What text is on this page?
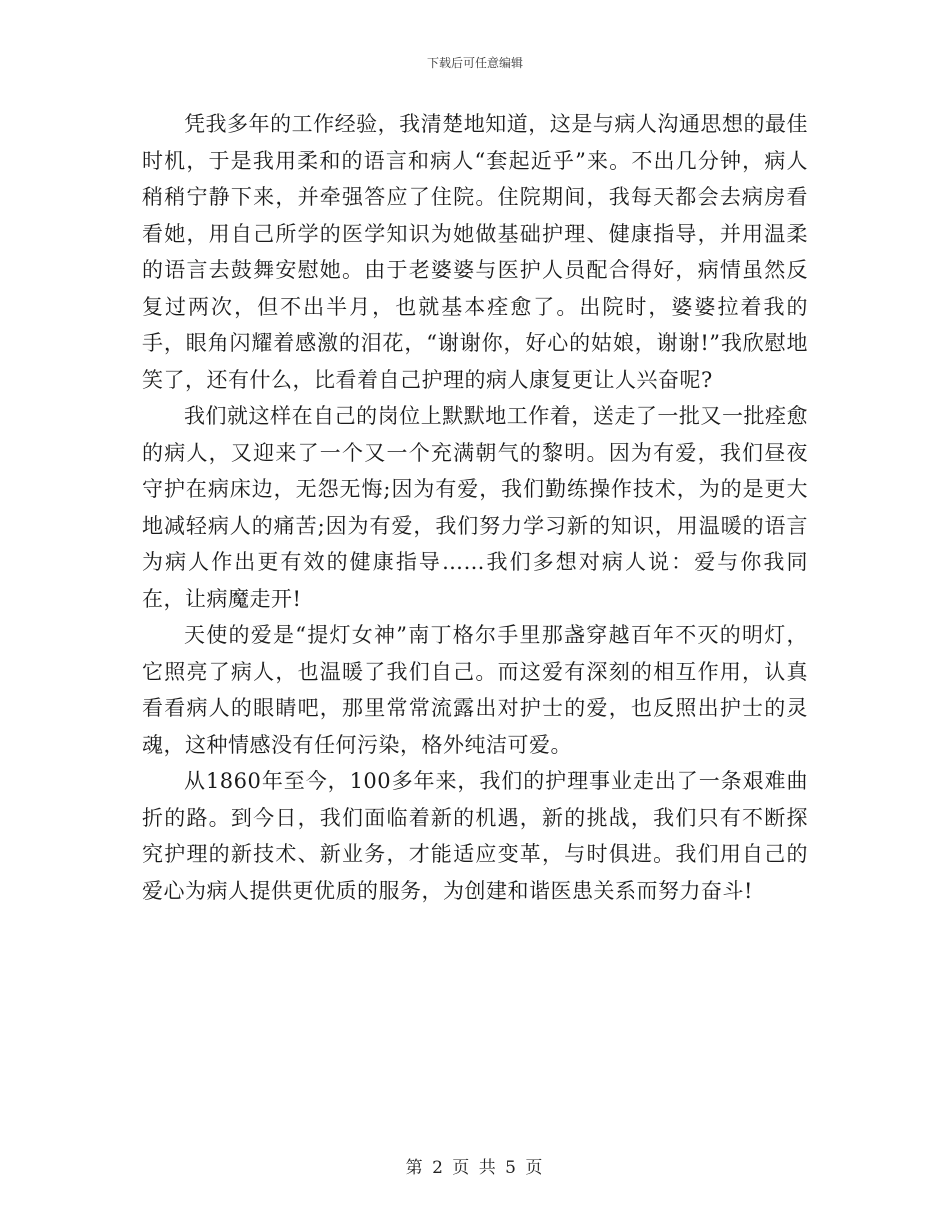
下载后可任意编辑

凭我多年的工作经验，我清楚地知道，这是与病人沟通思想的最佳时机，于是我用柔和的语言和病人“套起近乎”来。不出几分钟，病人稍稍宁静下来，并牵强答应了住院。住院期间，我每天都会去病房看看她，用自己所学的医学知识为她做基础护理、健康指导，并用温柔的语言去鼓舞安慰她。由于老婆婆与医护人员配合得好，病情虽然反复过两次，但不出半月，也就基本痊愈了。出院时，婆婆拉着我的手，眼角闪耀着感激的泪花，“谢谢你，好心的姑娘，谢谢!”我欣慰地笑了，还有什么，比看着自己护理的病人康复更让人兴奋呢?

我们就这样在自己的岗位上默默地工作着，送走了一批又一批痊愈的病人，又迎来了一个又一个充满朝气的黎明。因为有爱，我们昼夜守护在病床边，无怨无悔;因为有爱，我们勤练操作技术，为的是更大地减轻病人的痛苦;因为有爱，我们努力学习新的知识，用温暖的语言为病人作出更有效的健康指导……我们多想对病人说：爱与你我同在，让病魔走开!

天使的爱是“提灯女神”南丁格尔手里那盏穿越百年不灭的明灯，它照亮了病人，也温暖了我们自己。而这爱有深刻的相互作用，认真看看病人的眼睛吧，那里常常流露出对护士的爱，也反照出护士的灵魂，这种情感没有任何污染，格外纯洁可爱。

从1860年至今，100多年来，我们的护理事业走出了一条艰难曲折的路。到今日，我们面临着新的机遇，新的挑战，我们只有不断探究护理的新技术、新业务，才能适应变革，与时俱进。我们用自己的爱心为病人提供更优质的服务，为创建和谐医患关系而努力奋斗!

第 2 页 共 5 页
